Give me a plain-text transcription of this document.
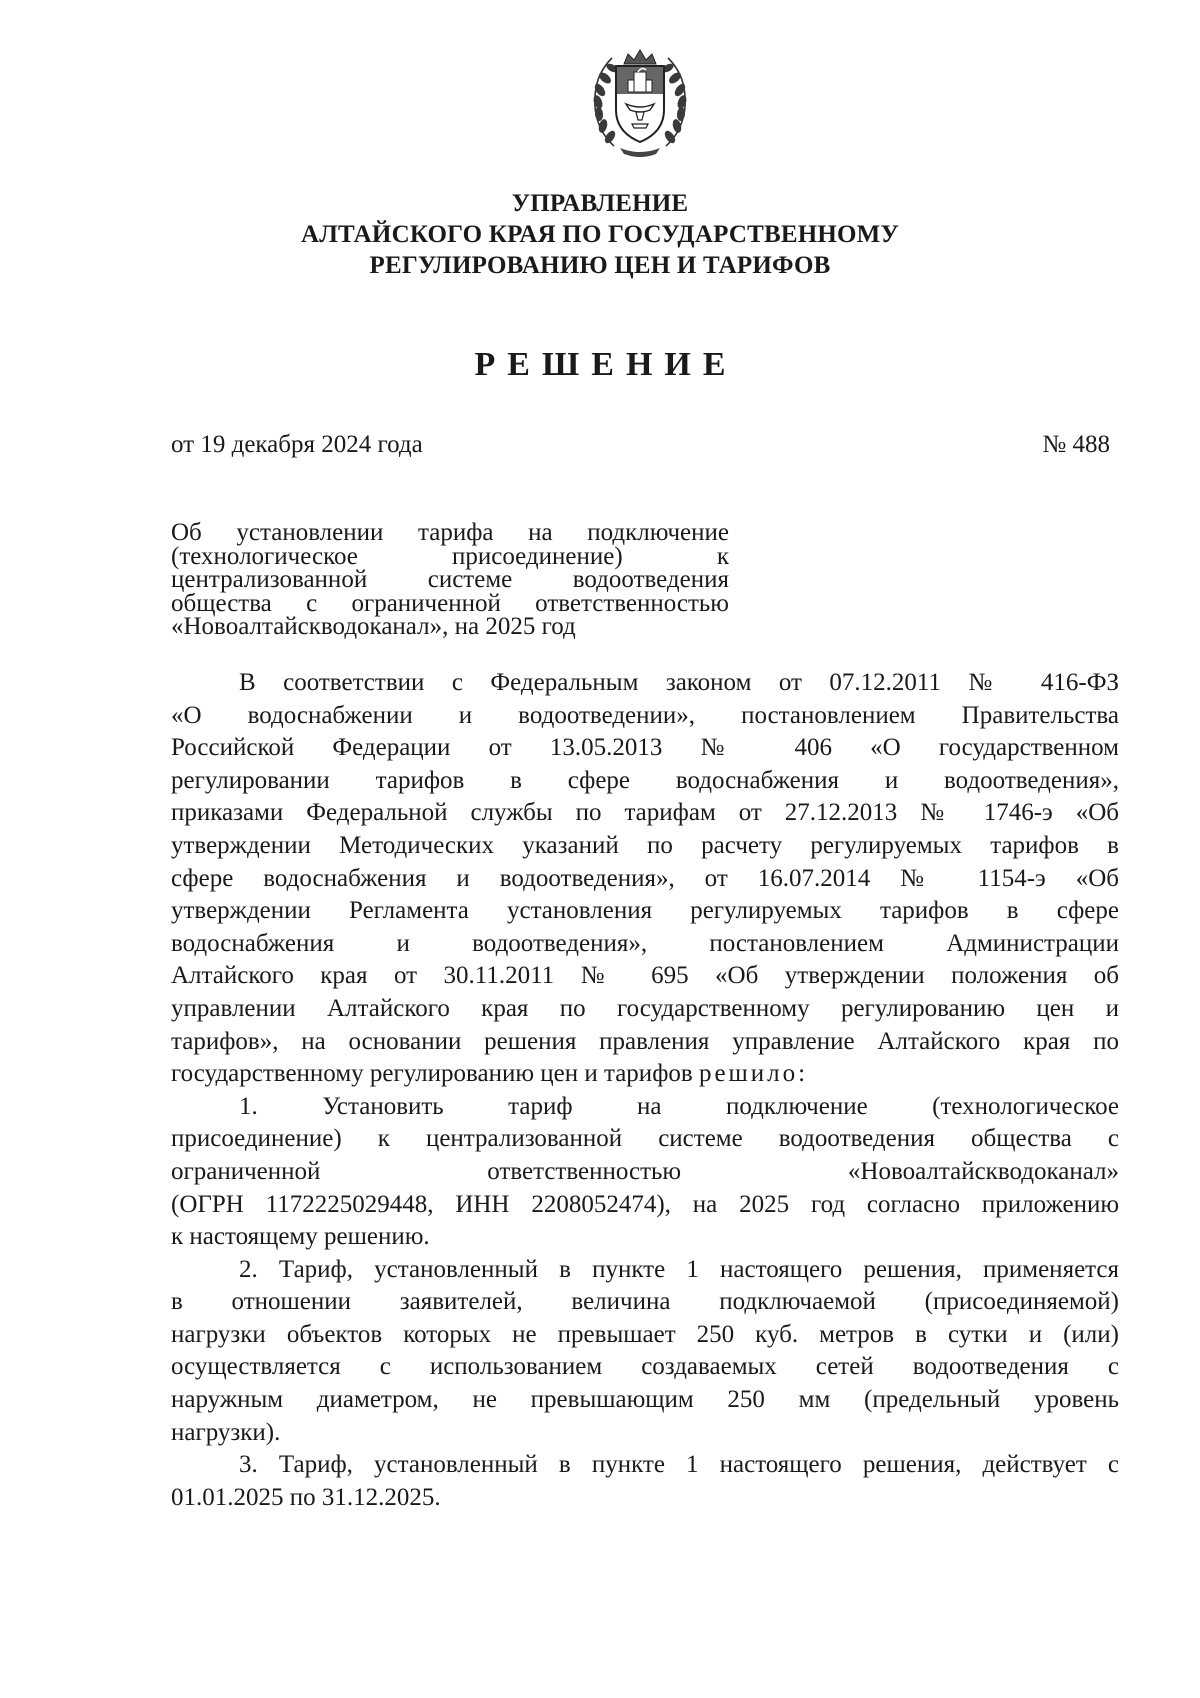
УПРАВЛЕНИЕ
АЛТАЙСКОГО КРАЯ ПО ГОСУДАРСТВЕННОМУ
РЕГУЛИРОВАНИЮ ЦЕН И ТАРИФОВ
РЕШЕНИЕ
от 19 декабря 2024 года	№ 488
Об установлении тарифа на подключение
(технологическое присоединение) к
централизованной системе водоотведения
общества с ограниченной ответственностью
«Новоалтайскводоканал», на 2025 год
В соответствии с Федеральным законом от 07.12.2011 № 416-ФЗ
«О водоснабжении и водоотведении», постановлением Правительства
Российской Федерации от 13.05.2013 № 406 «О государственном
регулировании тарифов в сфере водоснабжения и водоотведения»,
приказами Федеральной службы по тарифам от 27.12.2013 № 1746-э «Об
утверждении Методических указаний по расчету регулируемых тарифов в
сфере водоснабжения и водоотведения», от 16.07.2014 № 1154-э «Об
утверждении Регламента установления регулируемых тарифов в сфере
водоснабжения и водоотведения», постановлением Администрации
Алтайского края от 30.11.2011 № 695 «Об утверждении положения об
управлении Алтайского края по государственному регулированию цен и
тарифов», на основании решения правления управление Алтайского края по
государственному регулированию цен и тарифов решило:
1. Установить тариф на подключение (технологическое
присоединение) к централизованной системе водоотведения общества с
ограниченной ответственностью «Новоалтайскводоканал»
(ОГРН 1172225029448, ИНН 2208052474), на 2025 год согласно приложению
к настоящему решению.
2. Тариф, установленный в пункте 1 настоящего решения, применяется
в отношении заявителей, величина подключаемой (присоединяемой)
нагрузки объектов которых не превышает 250 куб. метров в сутки и (или)
осуществляется с использованием создаваемых сетей водоотведения с
наружным диаметром, не превышающим 250 мм (предельный уровень
нагрузки).
3. Тариф, установленный в пункте 1 настоящего решения, действует с
01.01.2025 по 31.12.2025.
